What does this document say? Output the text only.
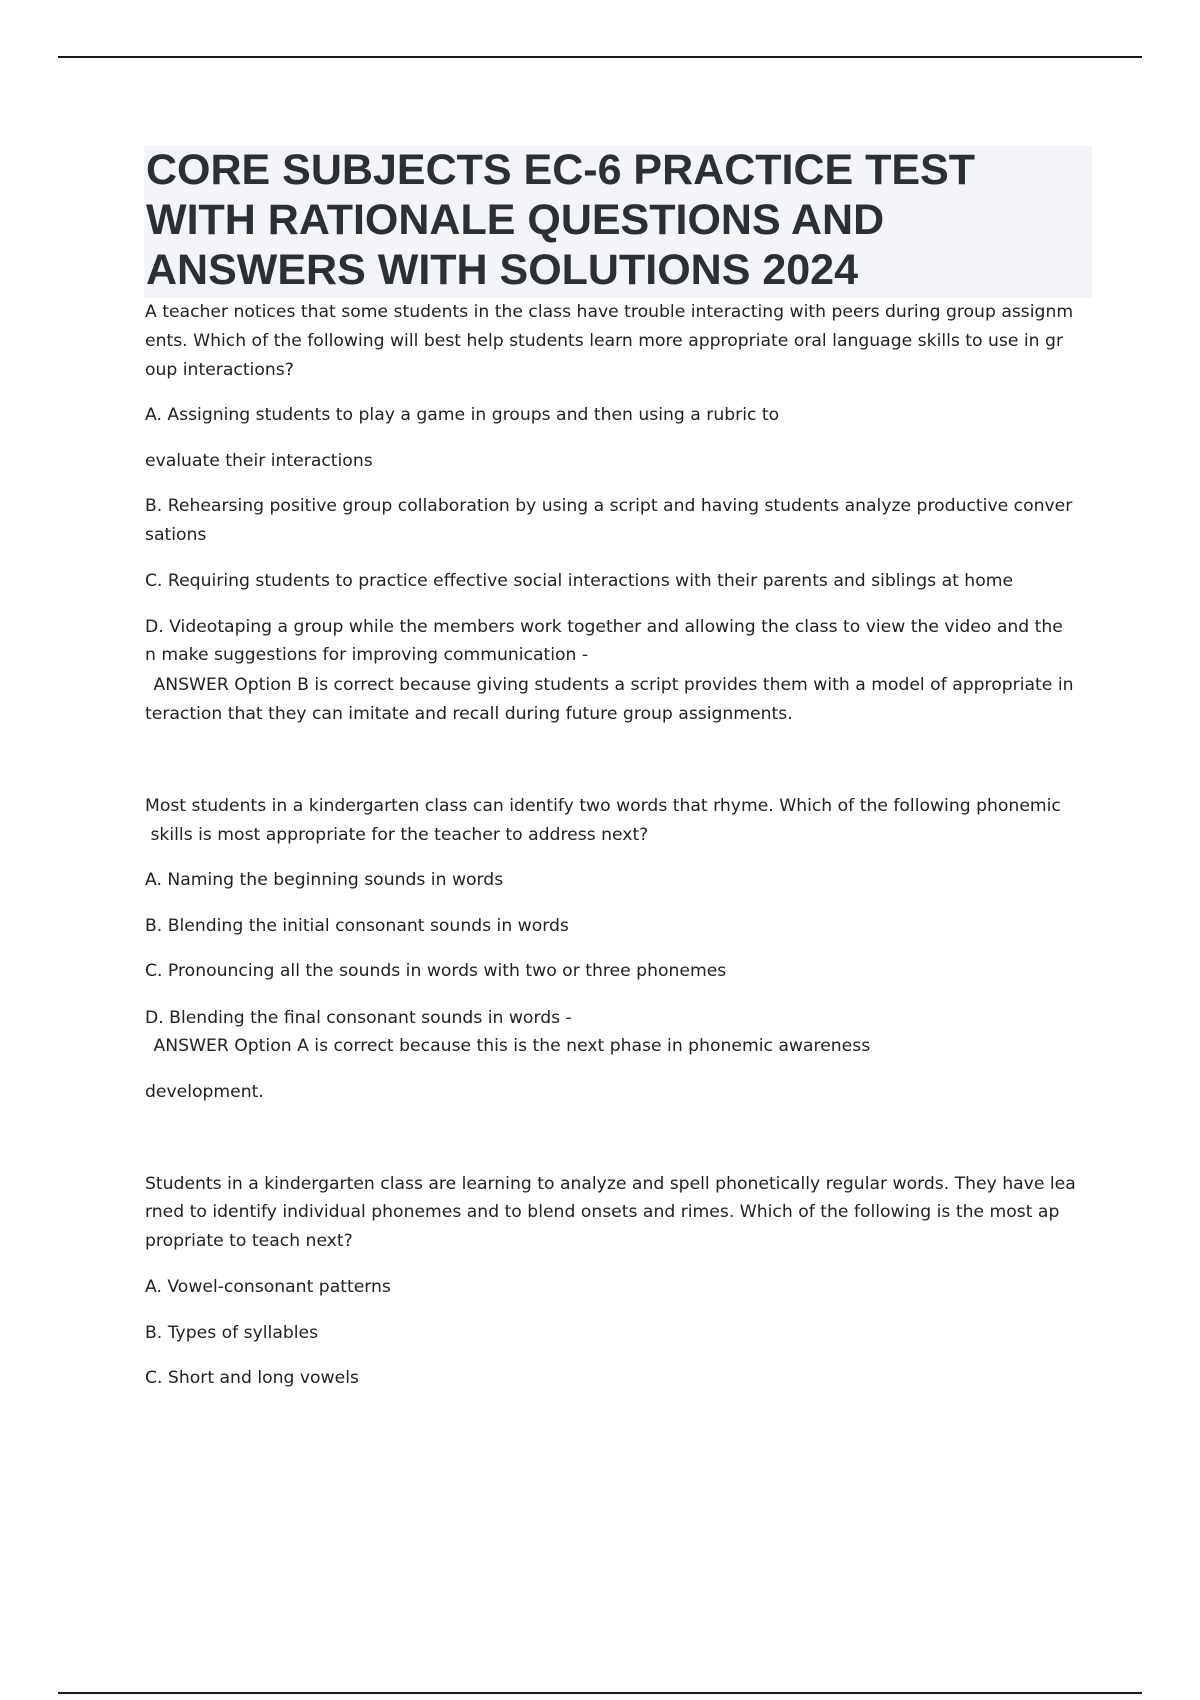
CORE SUBJECTS EC-6 PRACTICE TEST
WITH RATIONALE QUESTIONS AND
ANSWERS WITH SOLUTIONS 2024

A teacher notices that some students in the class have trouble interacting with peers during group assignm

ents. Which of the following will best help students learn more appropriate oral language skills to use in gr

oup interactions?

A. Assigning students to play a game in groups and then using a rubric to

evaluate their interactions

B. Rehearsing positive group collaboration by using a script and having students analyze productive conver

sations

C. Requiring students to practice effective social interactions with their parents and siblings at home

D. Videotaping a group while the members work together and allowing the class to view the video and the

n make suggestions for improving communication -

ANSWER Option B is correct because giving students a script provides them with a model of appropriate in

teraction that they can imitate and recall during future group assignments.

Most students in a kindergarten class can identify two words that rhyme. Which of the following phonemic

skills is most appropriate for the teacher to address next?

A. Naming the beginning sounds in words

B. Blending the initial consonant sounds in words

C. Pronouncing all the sounds in words with two or three phonemes

D. Blending the final consonant sounds in words -

ANSWER Option A is correct because this is the next phase in phonemic awareness

development.

Students in a kindergarten class are learning to analyze and spell phonetically regular words. They have lea

rned to identify individual phonemes and to blend onsets and rimes. Which of the following is the most ap

propriate to teach next?

A. Vowel-consonant patterns

B. Types of syllables

C. Short and long vowels
